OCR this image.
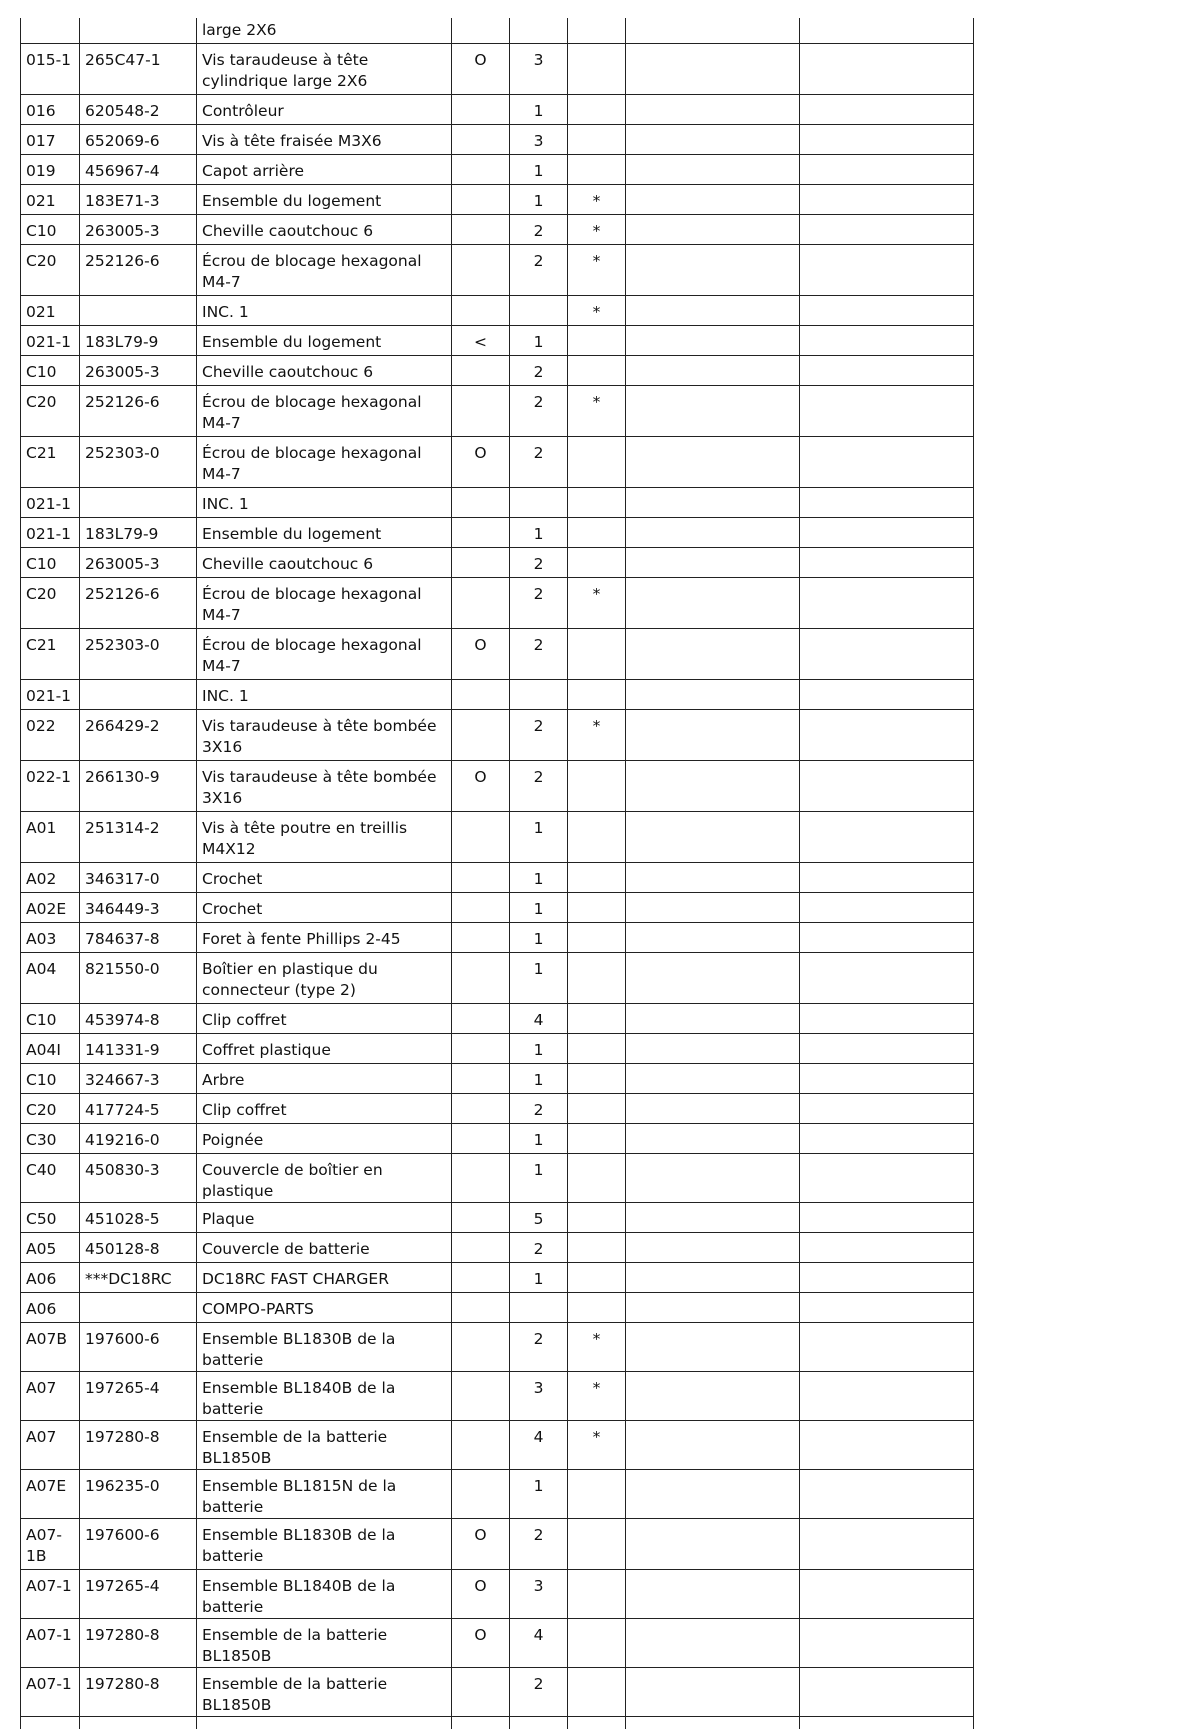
		large 2X6					
015-1	265C47-1	Vis taraudeuse à tête cylindrique large 2X6	O	3			
016	620548-2	Contrôleur		1			
017	652069-6	Vis à tête fraisée M3X6		3			
019	456967-4	Capot arrière		1			
021	183E71-3	Ensemble du logement		1	*		
C10	263005-3	Cheville caoutchouc 6		2	*		
C20	252126-6	Écrou de blocage hexagonal M4-7		2	*		
021		INC. 1			*		
021-1	183L79-9	Ensemble du logement	<	1			
C10	263005-3	Cheville caoutchouc 6		2			
C20	252126-6	Écrou de blocage hexagonal M4-7		2	*		
C21	252303-0	Écrou de blocage hexagonal M4-7	O	2			
021-1		INC. 1					
021-1	183L79-9	Ensemble du logement		1			
C10	263005-3	Cheville caoutchouc 6		2			
C20	252126-6	Écrou de blocage hexagonal M4-7		2	*		
C21	252303-0	Écrou de blocage hexagonal M4-7	O	2			
021-1		INC. 1					
022	266429-2	Vis taraudeuse à tête bombée 3X16		2	*		
022-1	266130-9	Vis taraudeuse à tête bombée 3X16	O	2			
A01	251314-2	Vis à tête poutre en treillis M4X12		1			
A02	346317-0	Crochet		1			
A02E	346449-3	Crochet		1			
A03	784637-8	Foret à fente Phillips 2-45		1			
A04	821550-0	Boîtier en plastique du connecteur (type 2)		1			
C10	453974-8	Clip coffret		4			
A04I	141331-9	Coffret plastique		1			
C10	324667-3	Arbre		1			
C20	417724-5	Clip coffret		2			
C30	419216-0	Poignée		1			
C40	450830-3	Couvercle de boîtier en plastique		1			
C50	451028-5	Plaque		5			
A05	450128-8	Couvercle de batterie		2			
A06	***DC18RC	DC18RC FAST CHARGER		1			
A06		COMPO-PARTS					
A07B	197600-6	Ensemble BL1830B de la batterie		2	*		
A07	197265-4	Ensemble BL1840B de la batterie		3	*		
A07	197280-8	Ensemble de la batterie BL1850B		4	*		
A07E	196235-0	Ensemble BL1815N de la batterie		1			
A07-1B	197600-6	Ensemble BL1830B de la batterie	O	2			
A07-1	197265-4	Ensemble BL1840B de la batterie	O	3			
A07-1	197280-8	Ensemble de la batterie BL1850B	O	4			
A07-1	197280-8	Ensemble de la batterie BL1850B		2			
